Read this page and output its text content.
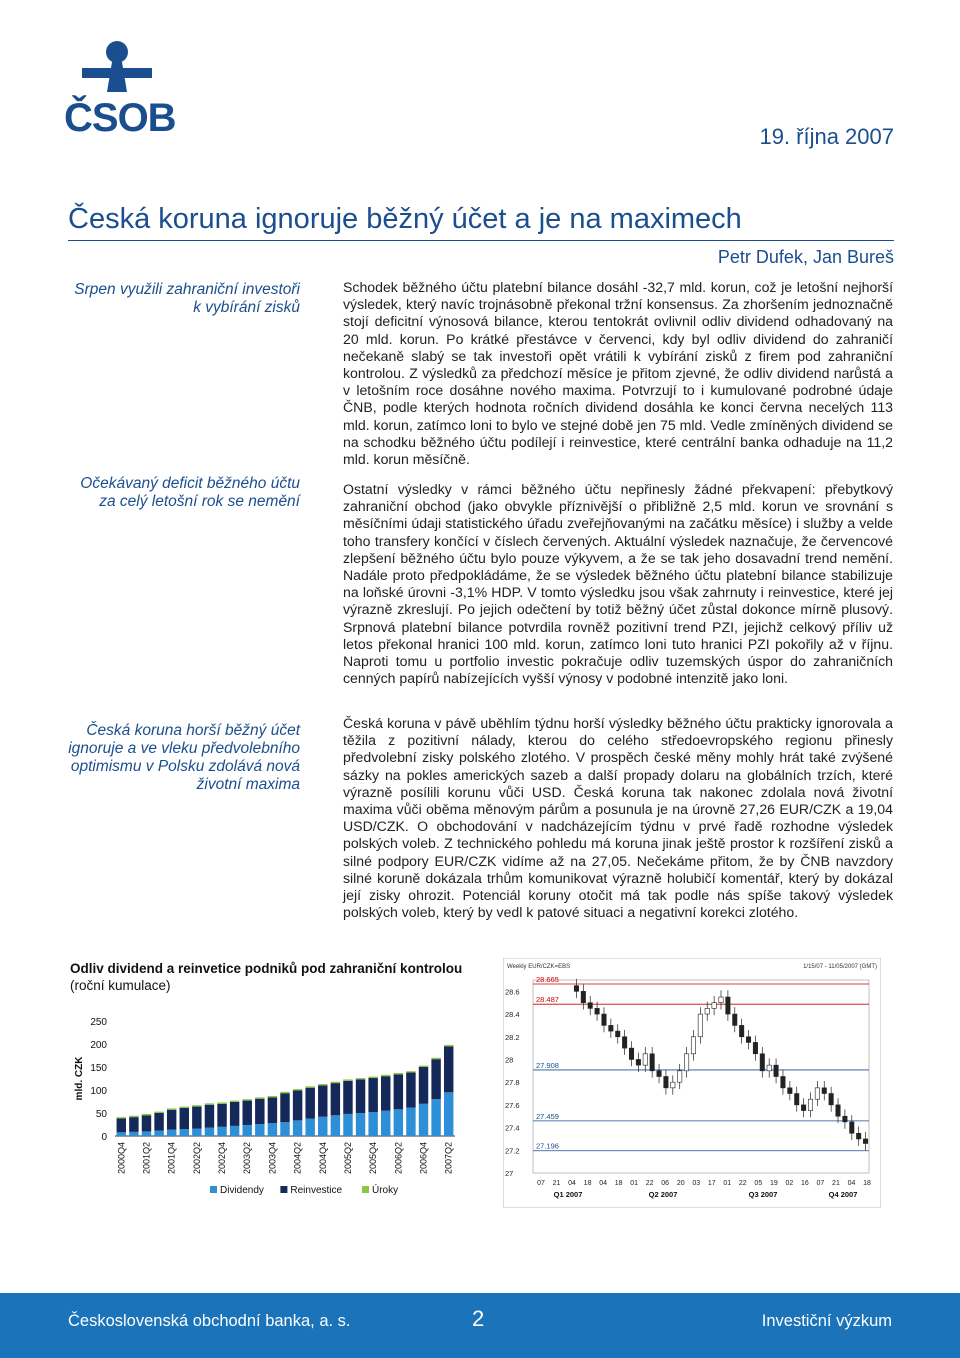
ČSOB	19. října 2007
Česká koruna ignoruje běžný účet a je na maximech
Petr Dufek, Jan Bureš
Srpen využili zahraniční investoři k vybírání zisků
Očekávaný deficit běžného účtu za celý letošní rok se nemění
Česká koruna horší běžný účet ignoruje a ve vleku předvolebního optimismu v Polsku zdolává nová životní maxima

Schodek běžného účtu platební bilance dosáhl -32,7 mld. korun, což je letošní nejhorší výsledek, který navíc trojnásobně překonal tržní konsensus. Za zhoršením jednoznačně stojí deficitní výnosová bilance, kterou tentokrát ovlivnil odliv dividend odhadovaný na 20 mld. korun. Po krátké přestávce v červenci, kdy byl odliv dividend do zahraničí nečekaně slabý se tak investoři opět vrátili k vybírání zisků z firem pod zahraniční kontrolou. Z výsledků za předchozí měsíce je přitom zjevné, že odliv dividend narůstá a v letošním roce dosáhne nového maxima. Potvrzují to i kumulované podrobné údaje ČNB, podle kterých hodnota ročních dividend dosáhla ke konci června necelých 113 mld. korun, zatímco loni to bylo ve stejné době jen 75 mld. Vedle zmíněných dividend se na schodku běžného účtu podílejí i reinvestice, které centrální banka odhaduje na 11,2 mld. korun měsíčně.

Ostatní výsledky v rámci běžného účtu nepřinesly žádné překvapení: přebytkový zahraniční obchod (jako obvykle příznivější o přibližně 2,5 mld. korun ve srovnání s měsíčními údaji statistického úřadu zveřejňovanými na začátku měsíce) i služby a velde toho transfery končící v číslech červených. Aktuální výsledek naznačuje, že červencové zlepšení běžného účtu bylo pouze výkyvem, a že se tak jeho dosavadní trend nemění. Nadále proto předpokládáme, že se výsledek běžného účtu platební bilance stabilizuje na loňské úrovni -3,1% HDP. V tomto výsledku jsou však zahrnuty i reinvestice, které jej výrazně zkreslují. Po jejich odečtení by totiž běžný účet zůstal dokonce mírně plusový. Srpnová platební bilance potvrdila rovněž pozitivní trend PZI, jejichž celkový příliv už letos překonal hranici 100 mld. korun, zatímco loni tuto hranici PZI pokořily až v říjnu. Naproti tomu u portfolio investic pokračuje odliv tuzemských úspor do zahraničních cenných papírů nabízejících vyšší výnosy v podobné intenzitě jako loni.

Česká koruna v pávě uběhlím týdnu horší výsledky běžného účtu prakticky ignorovala a těžila z pozitivní nálady, kterou do celého středoevropského regionu přinesly předvolební zisky polského zlotého. V prospěch české měny mohly hrát také zvýšené sázky na pokles amerických sazeb a další propady dolaru na globálních trzích, které výrazně posílili korunu vůči USD. Česká koruna tak nakonec zdolala nová životní maxima vůči oběma měnovým párům a posunula je na úrovně 27,26 EUR/CZK a 19,04 USD/CZK. O obchodování v nadcházejícím týdnu v prvé řadě rozhodne výsledek polských voleb. Z technického pohledu má koruna jinak ještě prostor k rozšíření zisků a silné podpory EUR/CZK vidíme až na 27,05. Nečekáme přitom, že by ČNB navzdory silné koruně dokázala trhům komunikovat výrazně holubičí komentář, který by dokázal její zisky ohrozit. Potenciál koruny otočit má tak podle nás spíše takový výsledek polských voleb, který by vedl k patové situaci a negativní korekci zlotého.

Odliv dividend a reinvetice podniků pod zahraniční kontrolou
(roční kumulace)
mld. CZK
0
50
100
150
200
250
2000Q4 2001Q2 2001Q4 2002Q2 2002Q4 2003Q2 2003Q4 2004Q2 2004Q4 2005Q2 2005Q4 2006Q2 2006Q4 2007Q2
Dividendy	Reinvestice	Úroky
Weekly EUR/CZK=EBS	1/15/07 - 11/05/2007 (GMT)
28.6
28.4
28.2
28
27.8
27.6
27.4
27.2
27
28.665
28.487
27.908
27.459
27.196
07 21 04 18 04 18 01 22 06 20 03 17 01 22 05 19 02 16 07 21 04 18
Q1 2007	Q2 2007	Q3 2007	Q4 2007
Československá obchodní banka, a. s.	2	Investiční výzkum
